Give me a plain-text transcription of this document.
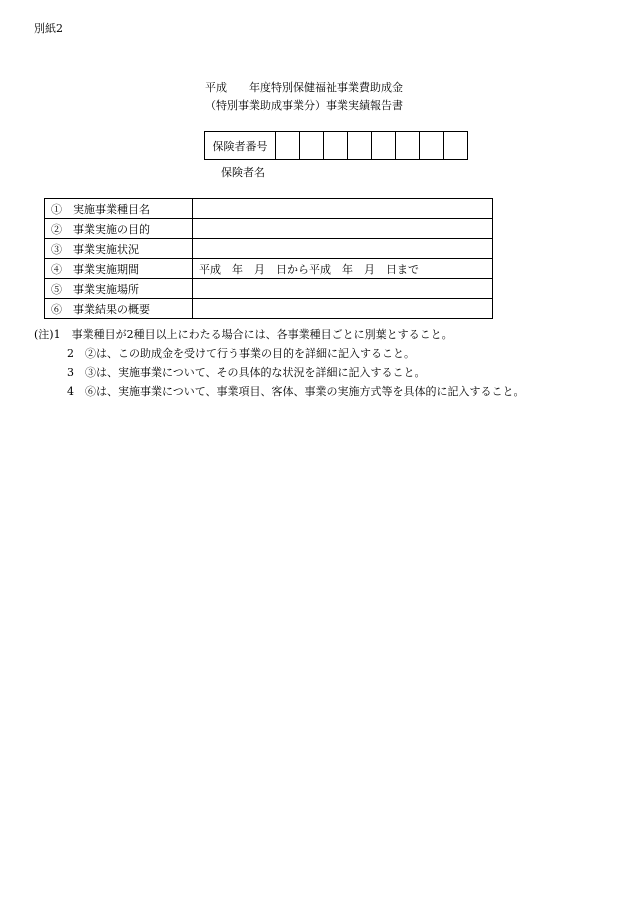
別紙2
平成　　年度特別保健福祉事業費助成金
（特別事業助成事業分）事業実績報告書
保険者番号								
保険者名
①　実施事業種目名	
②　事業実施の目的	
③　事業実施状況	
④　事業実施期間	平成　年　月　日から平成　年　月　日まで
⑤　事業実施場所	
⑥　事業結果の概要	
(注)1　事業種目が2種目以上にわたる場合には、各事業種目ごとに別葉とすること。
2　②は、この助成金を受けて行う事業の目的を詳細に記入すること。
3　③は、実施事業について、その具体的な状況を詳細に記入すること。
4　⑥は、実施事業について、事業項目、客体、事業の実施方式等を具体的に記入すること。
